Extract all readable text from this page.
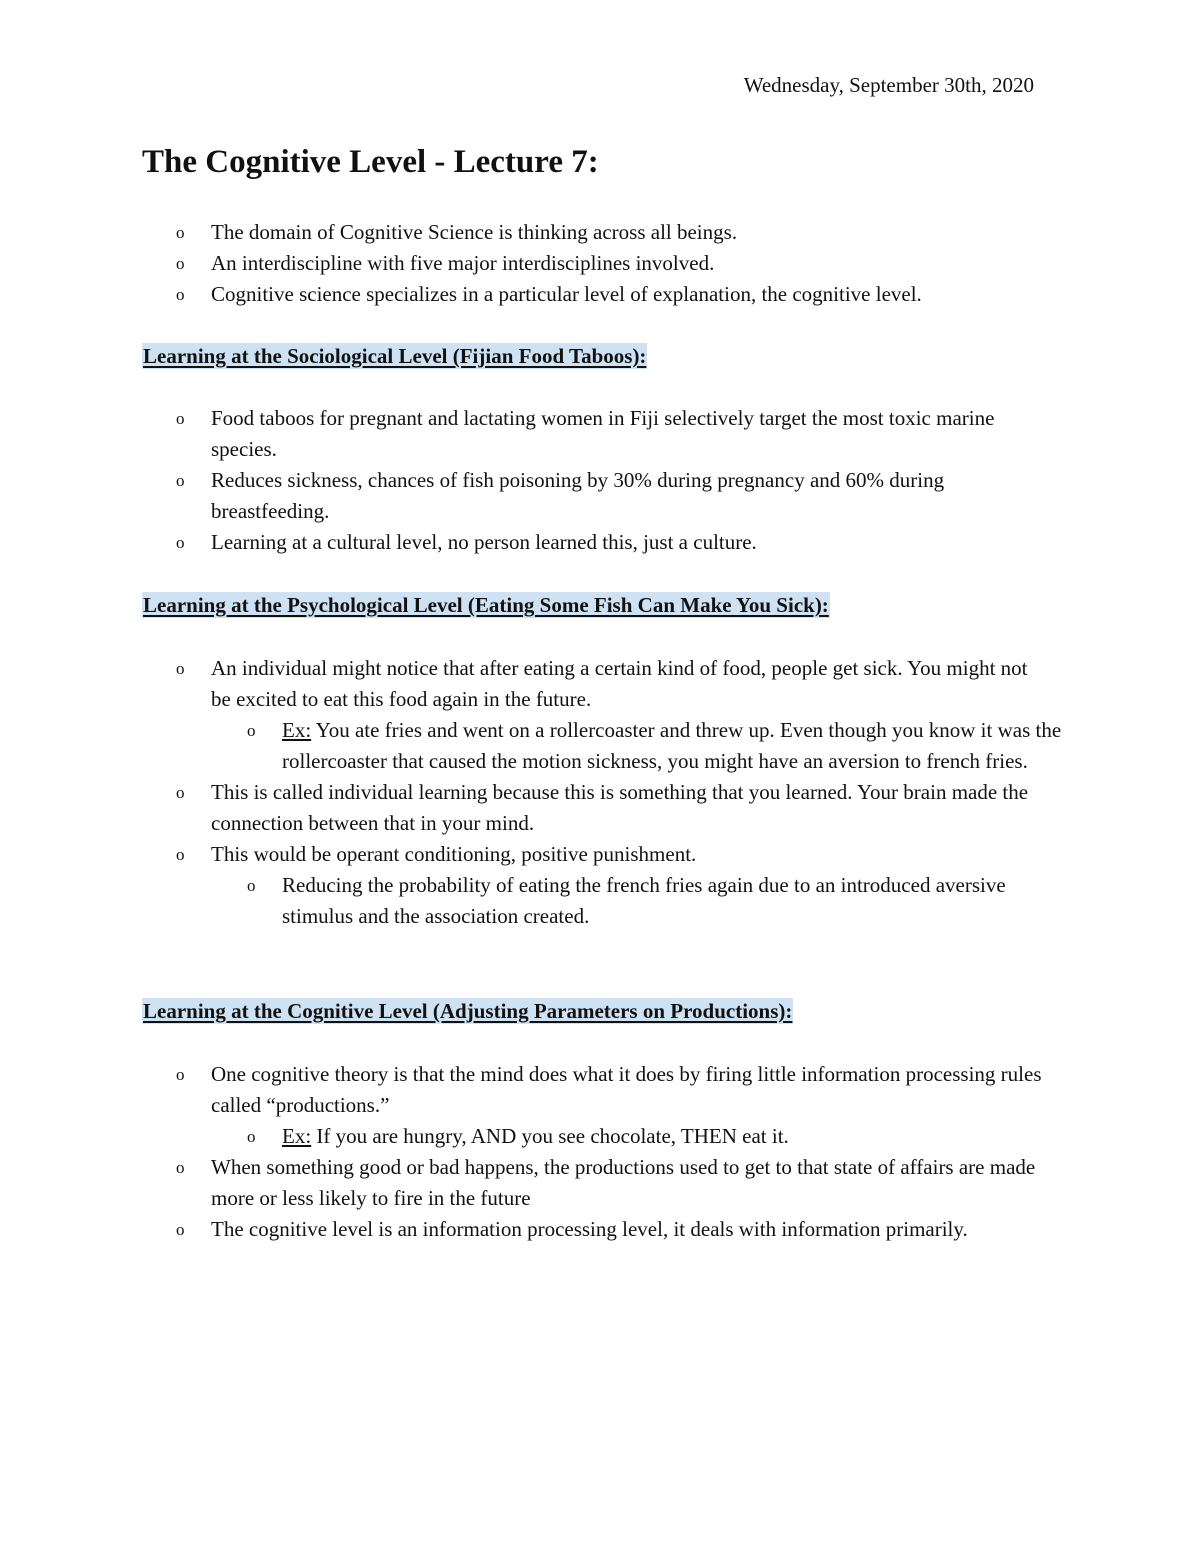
Wednesday, September 30th, 2020
The Cognitive Level - Lecture 7:
o The domain of Cognitive Science is thinking across all beings.
o An interdiscipline with five major interdisciplines involved.
o Cognitive science specializes in a particular level of explanation, the cognitive level.
Learning at the Sociological Level (Fijian Food Taboos):
o Food taboos for pregnant and lactating women in Fiji selectively target the most toxic marine species.
o Reduces sickness, chances of fish poisoning by 30% during pregnancy and 60% during breastfeeding.
o Learning at a cultural level, no person learned this, just a culture.
Learning at the Psychological Level (Eating Some Fish Can Make You Sick):
o An individual might notice that after eating a certain kind of food, people get sick. You might not be excited to eat this food again in the future.
o Ex: You ate fries and went on a rollercoaster and threw up. Even though you know it was the rollercoaster that caused the motion sickness, you might have an aversion to french fries.
o This is called individual learning because this is something that you learned. Your brain made the connection between that in your mind.
o This would be operant conditioning, positive punishment.
o Reducing the probability of eating the french fries again due to an introduced aversive stimulus and the association created.
Learning at the Cognitive Level (Adjusting Parameters on Productions):
o One cognitive theory is that the mind does what it does by firing little information processing rules called “productions.”
o Ex: If you are hungry, AND you see chocolate, THEN eat it.
o When something good or bad happens, the productions used to get to that state of affairs are made more or less likely to fire in the future
o The cognitive level is an information processing level, it deals with information primarily.
